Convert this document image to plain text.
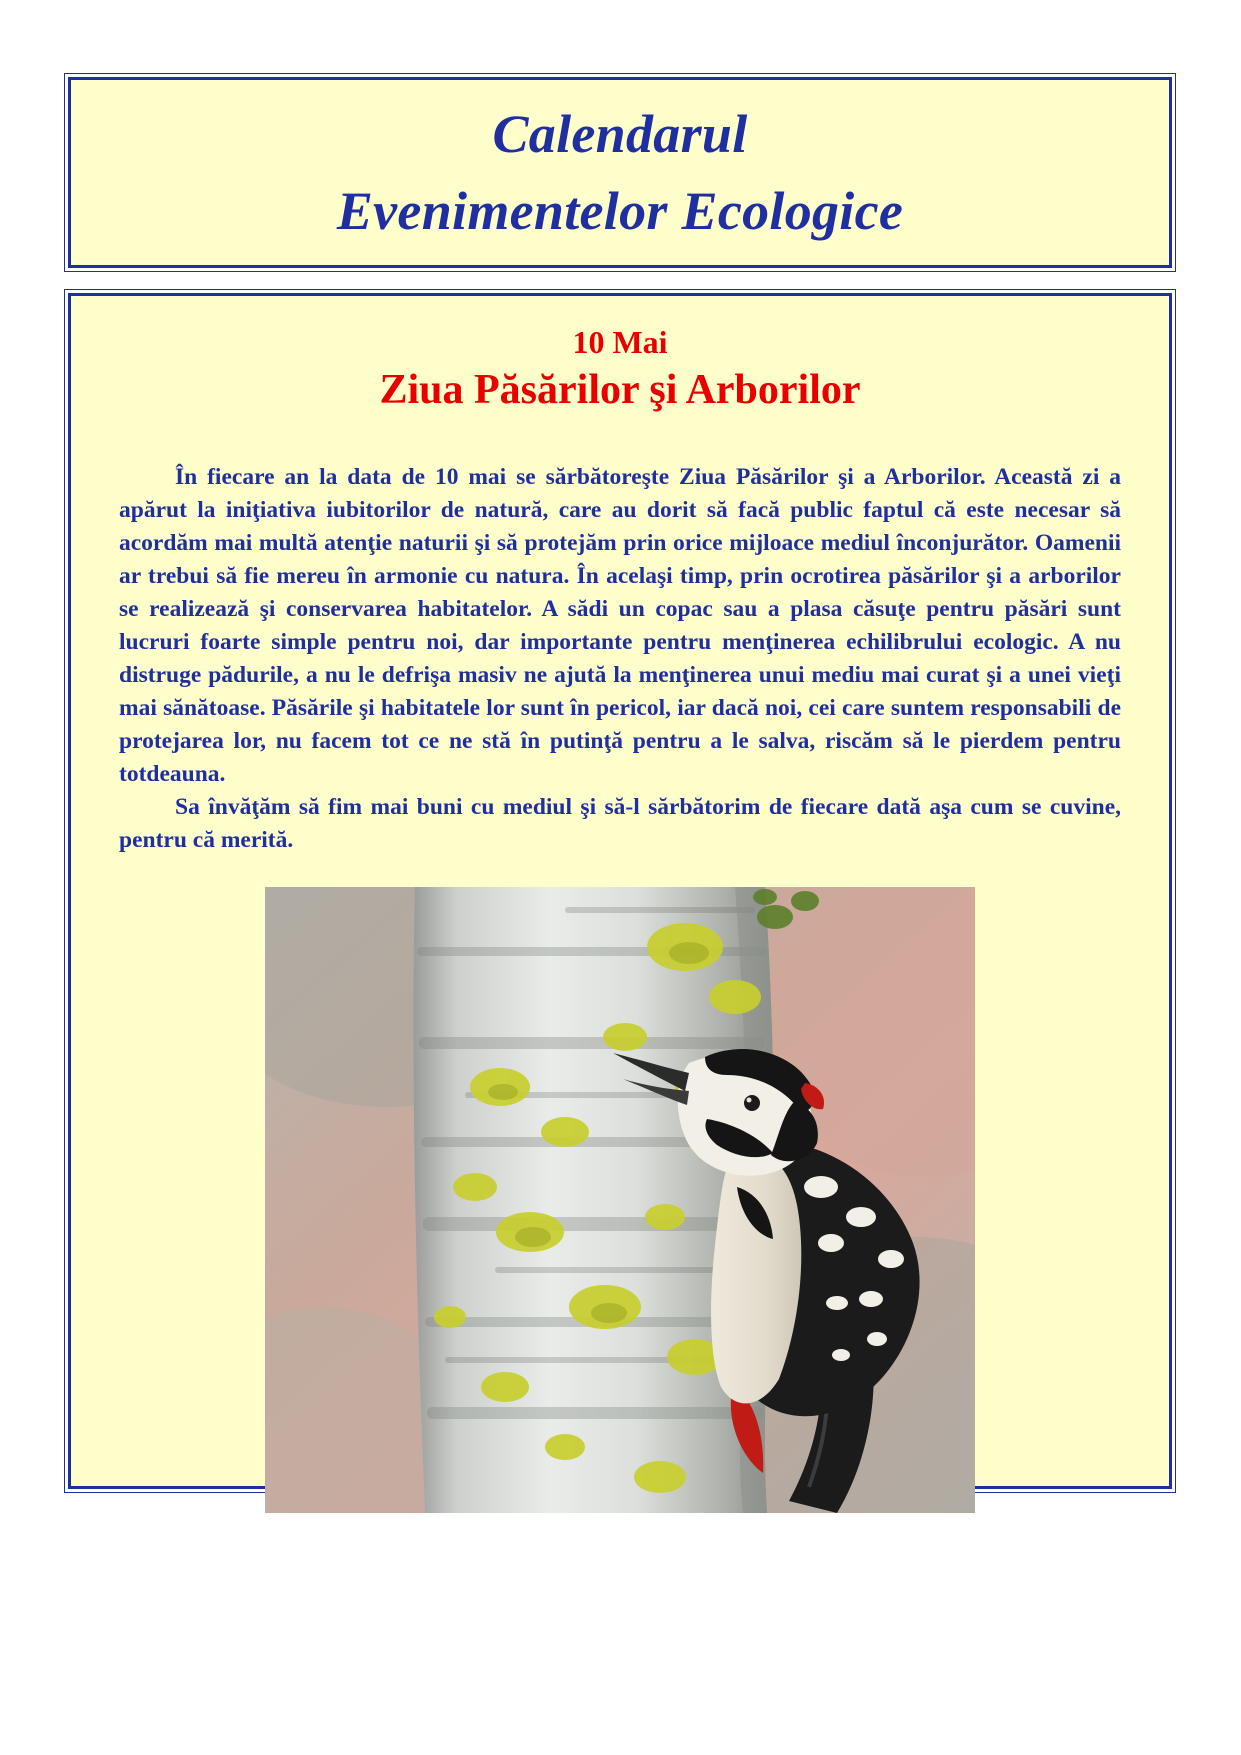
Calendarul
Evenimentelor Ecologice
10 Mai
Ziua Păsărilor şi Arborilor

În fiecare an la data de 10 mai se sărbătoreşte Ziua Păsărilor şi a Arborilor. Această zi a apărut la iniţiativa iubitorilor de natură, care au dorit să facă public faptul că este necesar să acordăm mai multă atenţie naturii şi să protejăm prin orice mijloace mediul înconjurător. Oamenii ar trebui să fie mereu în armonie cu natura. În acelaşi timp, prin ocrotirea păsărilor şi a arborilor se realizează şi conservarea habitatelor. A sădi un copac sau a plasa căsuţe pentru păsări sunt lucruri foarte simple pentru noi, dar importante pentru menţinerea echilibrului ecologic. A nu distruge pădurile, a nu le defrişa masiv ne ajută la menţinerea unui mediu mai curat şi a unei vieţi mai sănătoase. Păsările şi habitatele lor sunt în pericol, iar dacă noi, cei care suntem responsabili de protejarea lor, nu facem tot ce ne stă în putinţă pentru a le salva, riscăm să le pierdem pentru totdeauna.

Sa învăţăm să fim mai buni cu mediul şi să-l sărbătorim de fiecare dată aşa cum se cuvine, pentru că merită.
